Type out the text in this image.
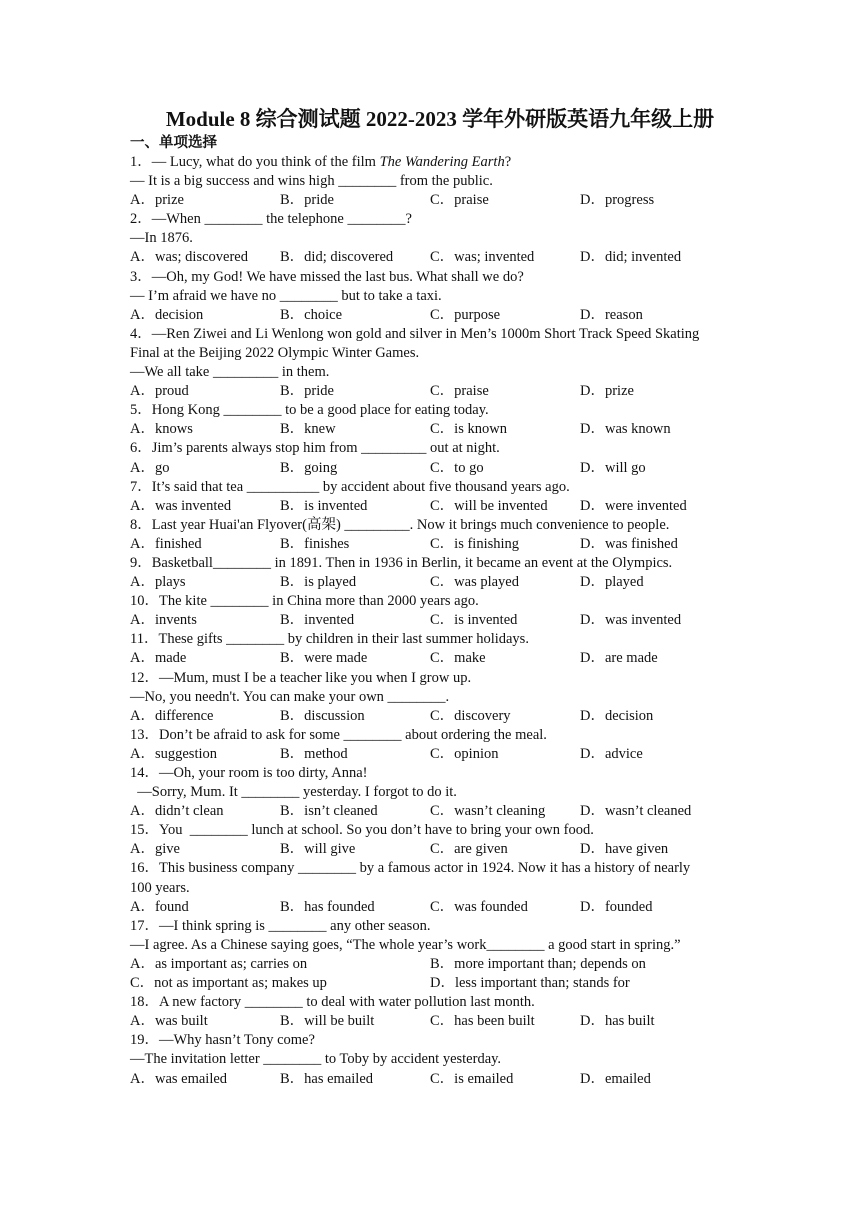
Module 8 综合测试题 2022-2023 学年外研版英语九年级上册
一、单项选择
1．— Lucy, what do you think of the film The Wandering Earth?
— It is a big success and wins high ________ from the public.
A．prize	B．pride	C．praise	D．progress
2．—When ________ the telephone ________?
—In 1876.
A．was; discovered	B．did; discovered	C．was; invented	D．did; invented
3．—Oh, my God! We have missed the last bus. What shall we do?
— I’m afraid we have no ________ but to take a taxi.
A．decision	B．choice	C．purpose	D．reason
4．—Ren Ziwei and Li Wenlong won gold and silver in Men’s 1000m Short Track Speed Skating
Final at the Beijing 2022 Olympic Winter Games.
—We all take _________ in them.
A．proud	B．pride	C．praise	D．prize
5．Hong Kong ________ to be a good place for eating today.
A．knows	B．knew	C．is known	D．was known
6．Jim’s parents always stop him from _________ out at night.
A．go	B．going	C．to go	D．will go
7．It’s said that tea __________ by accident about five thousand years ago.
A．was invented	B．is invented	C．will be invented	D．were invented
8．Last year Huai'an Flyover(高架) _________. Now it brings much convenience to people.
A．finished	B．finishes	C．is finishing	D．was finished
9．Basketball________ in 1891. Then in 1936 in Berlin, it became an event at the Olympics.
A．plays	B．is played	C．was played	D．played
10．The kite ________ in China more than 2000 years ago.
A．invents	B．invented	C．is invented	D．was invented
11．These gifts ________ by children in their last summer holidays.
A．made	B．were made	C．make	D．are made
12．—Mum, must I be a teacher like you when I grow up.
—No, you needn't. You can make your own ________.
A．difference	B．discussion	C．discovery	D．decision
13．Don’t be afraid to ask for some ________ about ordering the meal.
A．suggestion	B．method	C．opinion	D．advice
14．—Oh, your room is too dirty, Anna!
—Sorry, Mum. It ________ yesterday. I forgot to do it.
A．didn’t clean	B．isn’t cleaned	C．wasn’t cleaning	D．wasn’t cleaned
15．You  ________ lunch at school. So you don’t have to bring your own food.
A．give	B．will give	C．are given	D．have given
16．This business company ________ by a famous actor in 1924. Now it has a history of nearly
100 years.
A．found	B．has founded	C．was founded	D．founded
17．—I think spring is ________ any other season.
—I agree. As a Chinese saying goes, “The whole year’s work________ a good start in spring.”
A．as important as; carries on	B．more important than; depends on
C．not as important as; makes up	D．less important than; stands for
18．A new factory ________ to deal with water pollution last month.
A．was built	B．will be built	C．has been built	D．has built
19．—Why hasn’t Tony come?
—The invitation letter ________ to Toby by accident yesterday.
A．was emailed	B．has emailed	C．is emailed	D．emailed
